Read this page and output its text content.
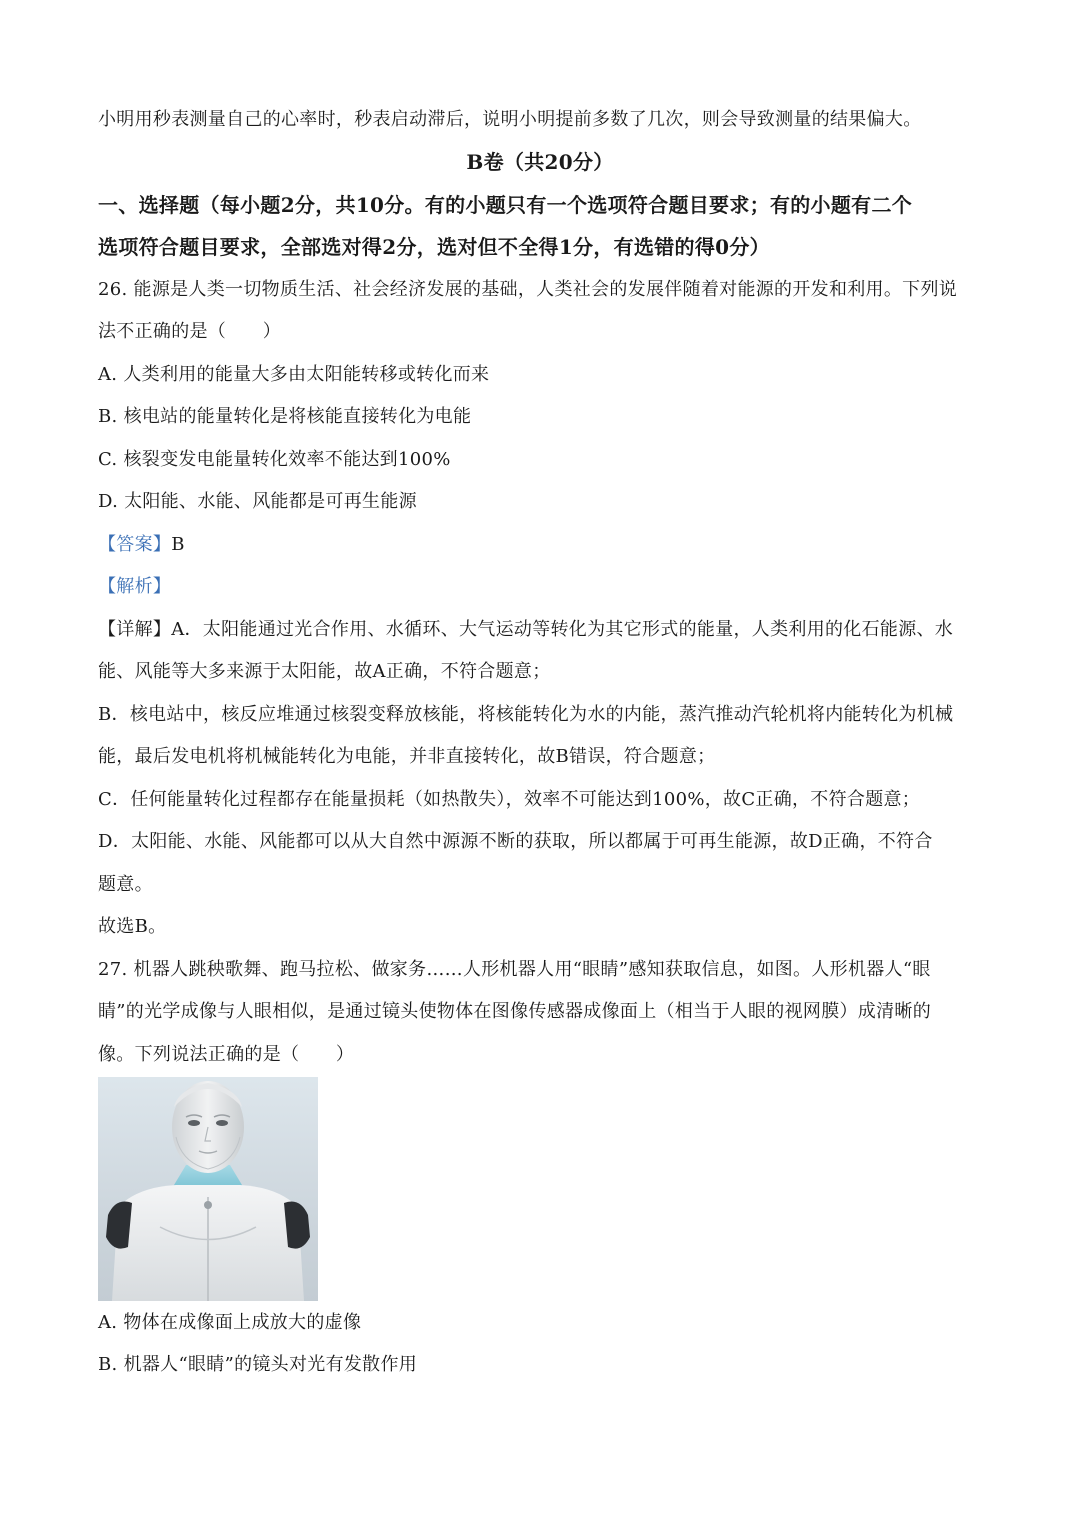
小明用秒表测量自己的心率时，秒表启动滞后，说明小明提前多数了几次，则会导致测量的结果偏大。
B卷（共20分）
一、选择题（每小题2分，共10分。有的小题只有一个选项符合题目要求；有的小题有二个
选项符合题目要求，全部选对得2分，选对但不全得1分，有选错的得0分）
26. 能源是人类一切物质生活、社会经济发展的基础，人类社会的发展伴随着对能源的开发和利用。下列说
法不正确的是（　　）
A. 人类利用的能量大多由太阳能转移或转化而来
B. 核电站的能量转化是将核能直接转化为电能
C. 核裂变发电能量转化效率不能达到100%
D. 太阳能、水能、风能都是可再生能源
【答案】B
【解析】
【详解】A．太阳能通过光合作用、水循环、大气运动等转化为其它形式的能量，人类利用的化石能源、水
能、风能等大多来源于太阳能，故A正确，不符合题意；
B．核电站中，核反应堆通过核裂变释放核能，将核能转化为水的内能，蒸汽推动汽轮机将内能转化为机械
能，最后发电机将机械能转化为电能，并非直接转化，故B错误，符合题意；
C．任何能量转化过程都存在能量损耗（如热散失），效率不可能达到100%，故C正确，不符合题意；
D．太阳能、水能、风能都可以从大自然中源源不断的获取，所以都属于可再生能源，故D正确，不符合
题意。
故选B。
27. 机器人跳秧歌舞、跑马拉松、做家务……人形机器人用“眼睛”感知获取信息，如图。人形机器人“眼
睛”的光学成像与人眼相似，是通过镜头使物体在图像传感器成像面上（相当于人眼的视网膜）成清晰的
像。下列说法正确的是（　　）
A. 物体在成像面上成放大的虚像
B. 机器人“眼睛”的镜头对光有发散作用
